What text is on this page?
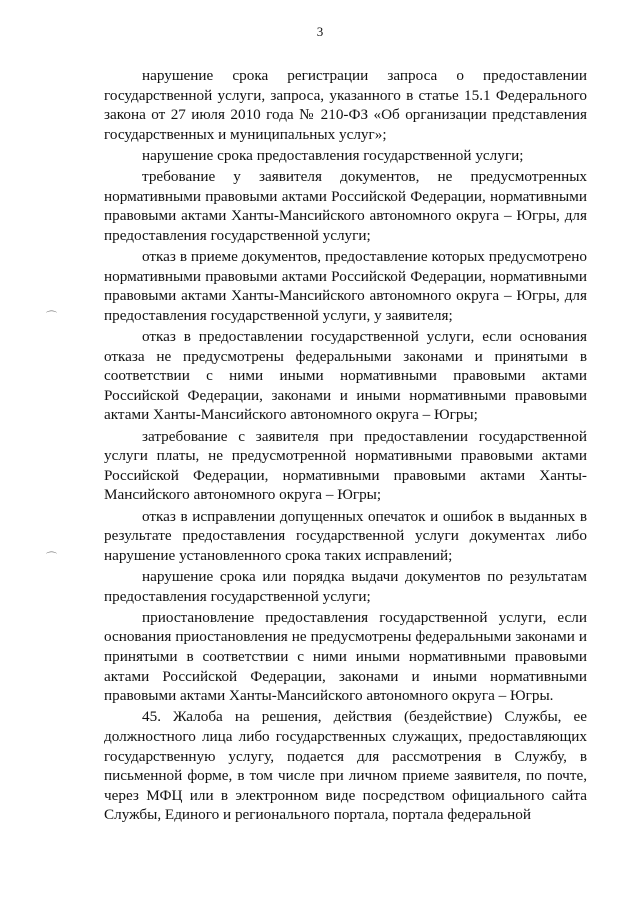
3
⌒
⌒

нарушение срока регистрации запроса о предоставлении государственной услуги, запроса, указанного в статье 15.1 Федерального закона от 27 июля 2010 года № 210-ФЗ «Об организации представления государственных и муниципальных услуг»;

нарушение срока предоставления государственной услуги;

требование у заявителя документов, не предусмотренных нормативными правовыми актами Российской Федерации, нормативными правовыми актами Ханты-Мансийского автономного округа – Югры, для предоставления государственной услуги;

отказ в приеме документов, предоставление которых предусмотрено нормативными правовыми актами Российской Федерации, нормативными правовыми актами Ханты-Мансийского автономного округа – Югры, для предоставления государственной услуги, у заявителя;

отказ в предоставлении государственной услуги, если основания отказа не предусмотрены федеральными законами и принятыми в соответствии с ними иными нормативными правовыми актами Российской Федерации, законами и иными нормативными правовыми актами Ханты-Мансийского автономного округа – Югры;

затребование с заявителя при предоставлении государственной услуги платы, не предусмотренной нормативными правовыми актами Российской Федерации, нормативными правовыми актами Ханты-Мансийского автономного округа – Югры;

отказ в исправлении допущенных опечаток и ошибок в выданных в результате предоставления государственной услуги документах либо нарушение установленного срока таких исправлений;

нарушение срока или порядка выдачи документов по результатам предоставления государственной услуги;

приостановление предоставления государственной услуги, если основания приостановления не предусмотрены федеральными законами и принятыми в соответствии с ними иными нормативными правовыми актами Российской Федерации, законами и иными нормативными правовыми актами Ханты-Мансийского автономного округа – Югры.

45. Жалоба на решения, действия (бездействие) Службы, ее должностного лица либо государственных служащих, предоставляющих государственную услугу, подается для рассмотрения в Службу, в письменной форме, в том числе при личном приеме заявителя, по почте, через МФЦ или в электронном виде посредством официального сайта Службы, Единого и регионального портала, портала федеральной
